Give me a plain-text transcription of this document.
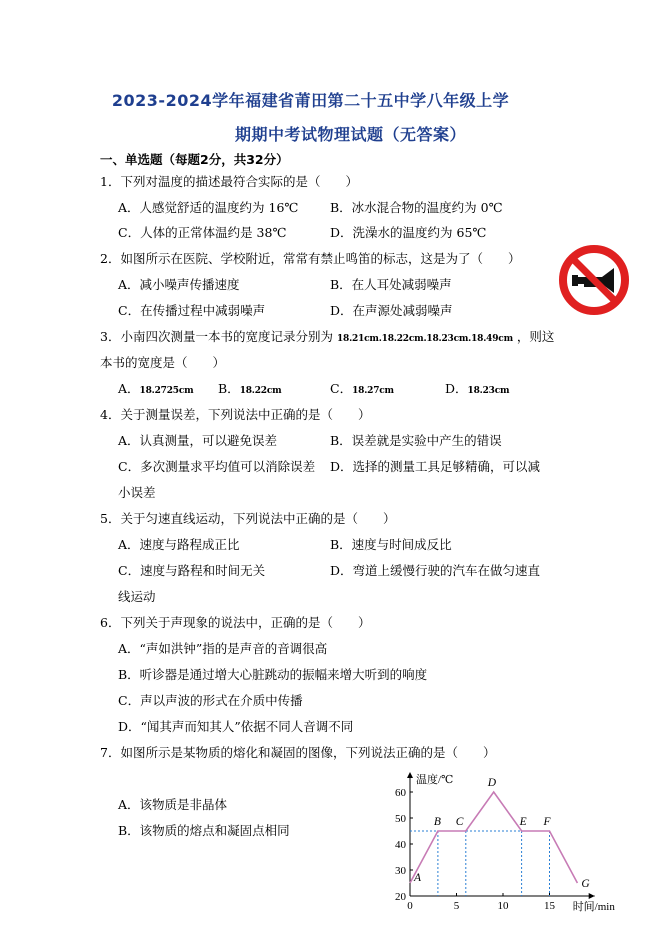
2023-2024学年福建省莆田第二十五中学八年级上学
期期中考试物理试题（无答案）
一、单选题（每题2分，共32分）
1．下列对温度的描述最符合实际的是（　　）
A．人感觉舒适的温度约为 16℃	B．冰水混合物的温度约为 0℃
C．人体的正常体温约是 38℃	D．洗澡水的温度约为 65℃
2．如图所示在医院、学校附近，常常有禁止鸣笛的标志，这是为了（　　）
A．减小噪声传播速度	B．在人耳处减弱噪声
C．在传播过程中减弱噪声	D．在声源处减弱噪声
3．小南四次测量一本书的宽度记录分别为 18.21cm.18.22cm.18.23cm.18.49cm ，则这
本书的宽度是（　　）
A．18.2725cm B．18.22cm	C．18.27cm	D．18.23cm
4．关于测量误差，下列说法中正确的是（　　）
A．认真测量，可以避免误差	B．误差就是实验中产生的错误
C．多次测量求平均值可以消除误差 D．选择的测量工具足够精确，可以减
小误差
5．关于匀速直线运动，下列说法中正确的是（　　）
A．速度与路程成正比	B．速度与时间成反比
C．速度与路程和时间无关	D．弯道上缓慢行驶的汽车在做匀速直
线运动
6．下列关于声现象的说法中，正确的是（　　）
A．“声如洪钟”指的是声音的音调很高
B．听诊器是通过增大心脏跳动的振幅来增大听到的响度
C．声以声波的形式在介质中传播
D．“闻其声而知其人”依据不同人音调不同
7．如图所示是某物质的熔化和凝固的图像，下列说法正确的是（　　）
A．该物质是非晶体
B．该物质的熔点和凝固点相同
温度/℃
时间/min
0	5	10	15
20
30
40
50
60
A
B C
D
E F
G
